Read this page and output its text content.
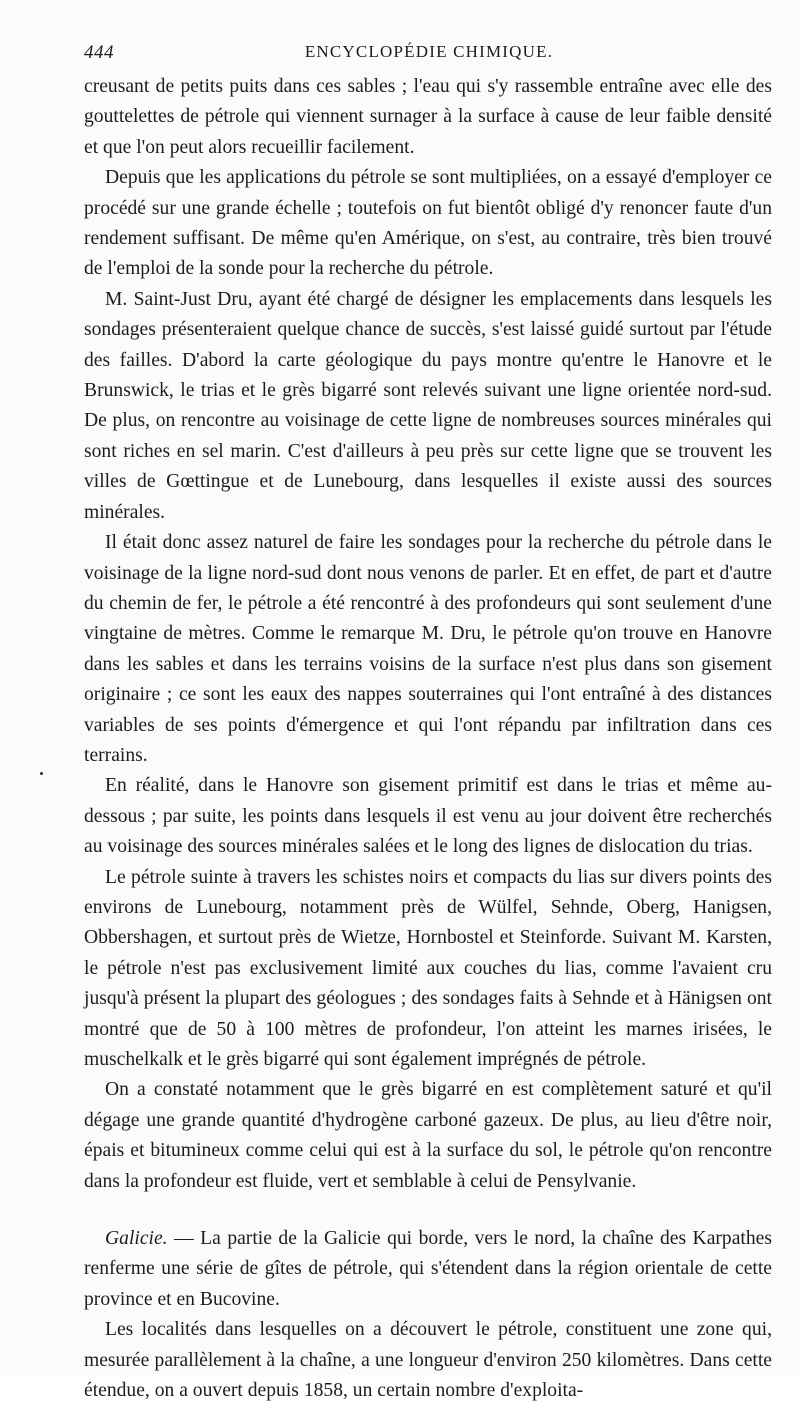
444	ENCYCLOPÉDIE CHIMIQUE.

creusant de petits puits dans ces sables ; l'eau qui s'y rassemble entraîne avec elle des gouttelettes de pétrole qui viennent surnager à la surface à cause de leur faible densité et que l'on peut alors recueillir facilement.

Depuis que les applications du pétrole se sont multipliées, on a essayé d'employer ce procédé sur une grande échelle ; toutefois on fut bientôt obligé d'y renoncer faute d'un rendement suffisant. De même qu'en Amérique, on s'est, au contraire, très bien trouvé de l'emploi de la sonde pour la recherche du pétrole.

M. Saint-Just Dru, ayant été chargé de désigner les emplacements dans lesquels les sondages présenteraient quelque chance de succès, s'est laissé guidé surtout par l'étude des failles. D'abord la carte géologique du pays montre qu'entre le Hanovre et le Brunswick, le trias et le grès bigarré sont relevés suivant une ligne orientée nord-sud. De plus, on rencontre au voisinage de cette ligne de nombreuses sources minérales qui sont riches en sel marin. C'est d'ailleurs à peu près sur cette ligne que se trouvent les villes de Gœttingue et de Lunebourg, dans lesquelles il existe aussi des sources minérales.

Il était donc assez naturel de faire les sondages pour la recherche du pétrole dans le voisinage de la ligne nord-sud dont nous venons de parler. Et en effet, de part et d'autre du chemin de fer, le pétrole a été rencontré à des profondeurs qui sont seulement d'une vingtaine de mètres. Comme le remarque M. Dru, le pétrole qu'on trouve en Hanovre dans les sables et dans les terrains voisins de la surface n'est plus dans son gisement originaire ; ce sont les eaux des nappes souterraines qui l'ont entraîné à des distances variables de ses points d'émergence et qui l'ont répandu par infiltration dans ces terrains.

En réalité, dans le Hanovre son gisement primitif est dans le trias et même au-dessous ; par suite, les points dans lesquels il est venu au jour doivent être recherchés au voisinage des sources minérales salées et le long des lignes de dislocation du trias.

Le pétrole suinte à travers les schistes noirs et compacts du lias sur divers points des environs de Lunebourg, notamment près de Wülfel, Sehnde, Oberg, Hanigsen, Obbershagen, et surtout près de Wietze, Hornbostel et Steinforde. Suivant M. Karsten, le pétrole n'est pas exclusivement limité aux couches du lias, comme l'avaient cru jusqu'à présent la plupart des géologues ; des sondages faits à Sehnde et à Hänigsen ont montré que de 50 à 100 mètres de profondeur, l'on atteint les marnes irisées, le muschelkalk et le grès bigarré qui sont également imprégnés de pétrole.

On a constaté notamment que le grès bigarré en est complètement saturé et qu'il dégage une grande quantité d'hydrogène carboné gazeux. De plus, au lieu d'être noir, épais et bitumineux comme celui qui est à la surface du sol, le pétrole qu'on rencontre dans la profondeur est fluide, vert et semblable à celui de Pensylvanie.

Galicie. — La partie de la Galicie qui borde, vers le nord, la chaîne des Karpathes renferme une série de gîtes de pétrole, qui s'étendent dans la région orientale de cette province et en Bucovine.

Les localités dans lesquelles on a découvert le pétrole, constituent une zone qui, mesurée parallèlement à la chaîne, a une longueur d'environ 250 kilomètres. Dans cette étendue, on a ouvert depuis 1858, un certain nombre d'exploita-
